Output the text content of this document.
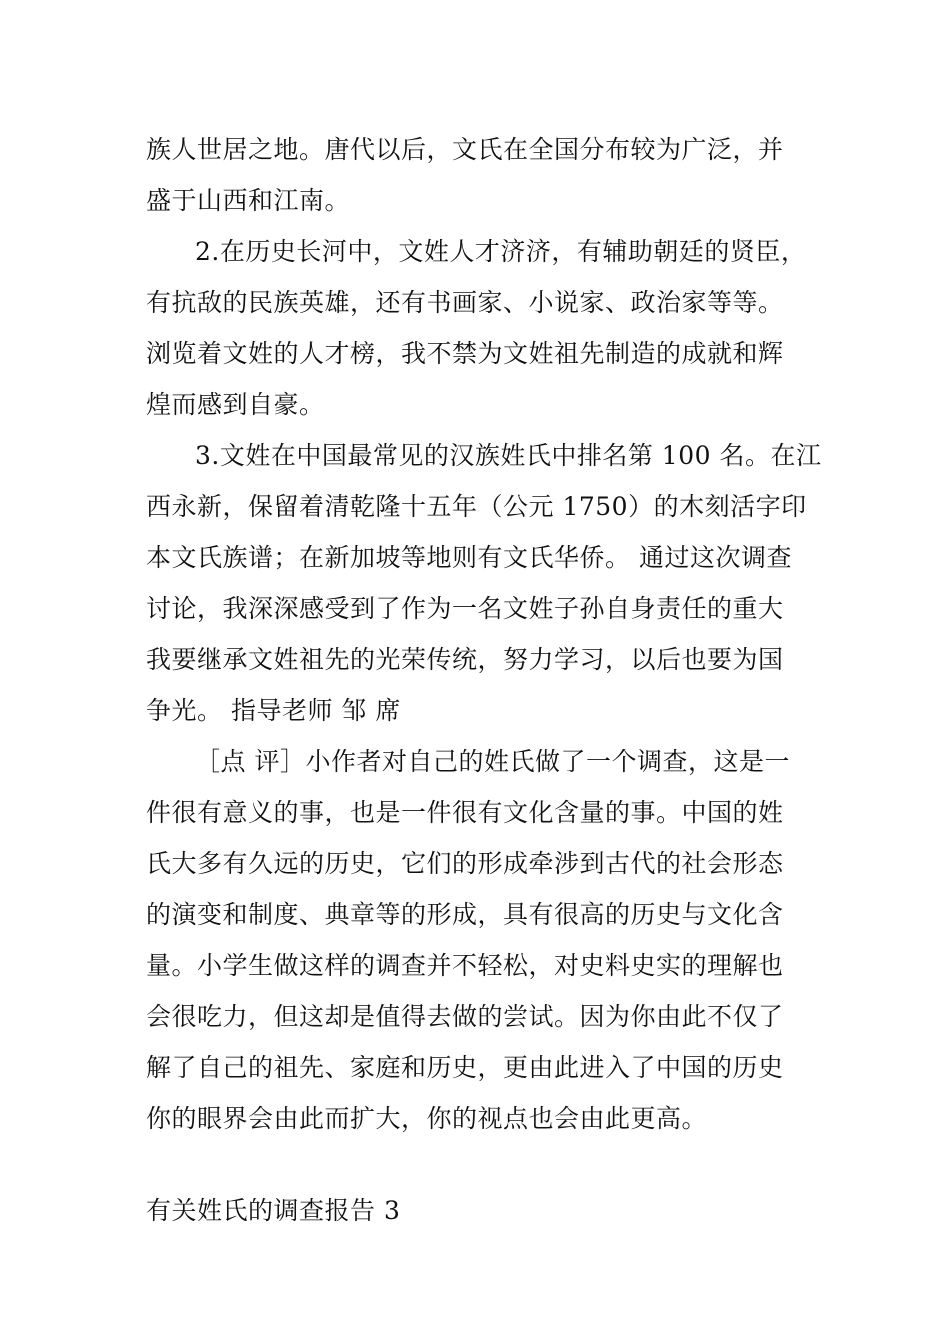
族人世居之地。唐代以后，文氏在全国分布较为广泛，并
盛于山西和江南。
2.在历史长河中，文姓人才济济，有辅助朝廷的贤臣，
有抗敌的民族英雄，还有书画家、小说家、政治家等等。
浏览着文姓的人才榜，我不禁为文姓祖先制造的成就和辉
煌而感到自豪。
3.文姓在中国最常见的汉族姓氏中排名第 100 名。在江
西永新，保留着清乾隆十五年（公元 1750）的木刻活字印
本文氏族谱；在新加坡等地则有文氏华侨。 通过这次调查
讨论，我深深感受到了作为一名文姓子孙自身责任的重大
我要继承文姓祖先的光荣传统，努力学习，以后也要为国
争光。 指导老师 邹 席
［点 评］小作者对自己的姓氏做了一个调查，这是一
件很有意义的事，也是一件很有文化含量的事。中国的姓
氏大多有久远的历史，它们的形成牵涉到古代的社会形态
的演变和制度、典章等的形成，具有很高的历史与文化含
量。小学生做这样的调查并不轻松，对史料史实的理解也
会很吃力，但这却是值得去做的尝试。因为你由此不仅了
解了自己的祖先、家庭和历史，更由此进入了中国的历史
你的眼界会由此而扩大，你的视点也会由此更高。
有关姓氏的调查报告 3
